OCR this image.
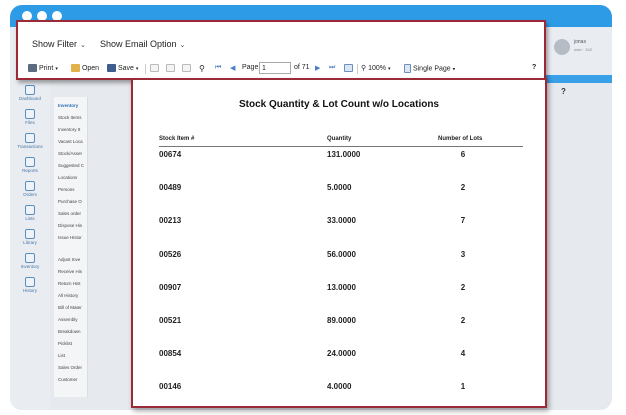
jonas
user · 102
?
Dashboard
Files
Transactions
Reports
Orders
Lists
Library
Inventory
History
Inventory
Stock Items
Inventory It
Vacant Loca
Stock/Asset
Suggested C
Locations
Persons
Purchase O
Sales order
Dispose His
Issue Histor
Adjust Inve
Receive His
Return Hist
All History
Bill of Mater
Assembly
Breakdown
Picklist
List
Sales Order
Customer
Show Filter ⌄ Show Email Option ⌄
Print ▾	Open	Save ▾	⚲ ⏮ ◀ Page
1	of 71 ▶ ⏭	⚲ 100% ▾	Single Page ▾	?
Stock Quantity & Lot Count w/o Locations
Stock Item #	Quantity	Number of Lots
00674	131.0000	6
00489	5.0000	2
00213	33.0000	7
00526	56.0000	3
00907	13.0000	2
00521	89.0000	2
00854	24.0000	4
00146	4.0000	1
